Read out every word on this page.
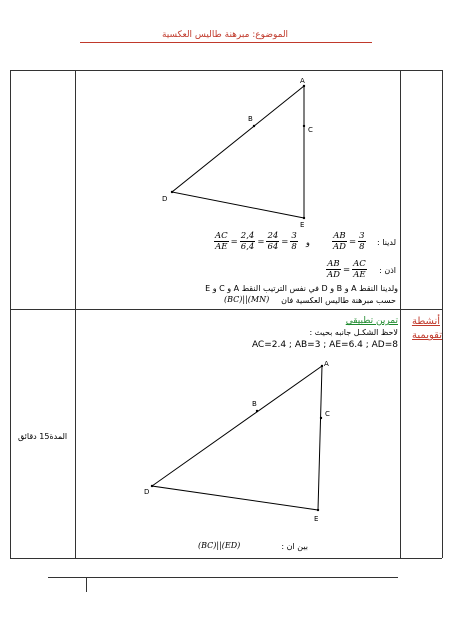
الموضوع: مبرهنة طاليس العكسية
A
B
C
D
E
$\frac{AC}{AE} = \frac{2,4}{6,4} = \frac{24}{64} = \frac{3}{8}$ و	$\frac{AB}{AD} = \frac{3}{8}$ لدينا :
$\frac{AB}{AD} = \frac{AC}{AE}$ اذن :
ولدينا النقط A و B و D في نفس الترتيب النقط A و C و E
(BC)||(MN) حسب مبرهنة طاليس العكسية فان
أنشطة
تقويمية
المدة15 دقائق
تمرين تطبيقي
لاحظ الشكـل جانبه بحيث :
AC=2.4 ; AB=3 ; AE=6.4 ; AD=8
A
B
C
D
E
(BC)||(ED)	بين ان :
